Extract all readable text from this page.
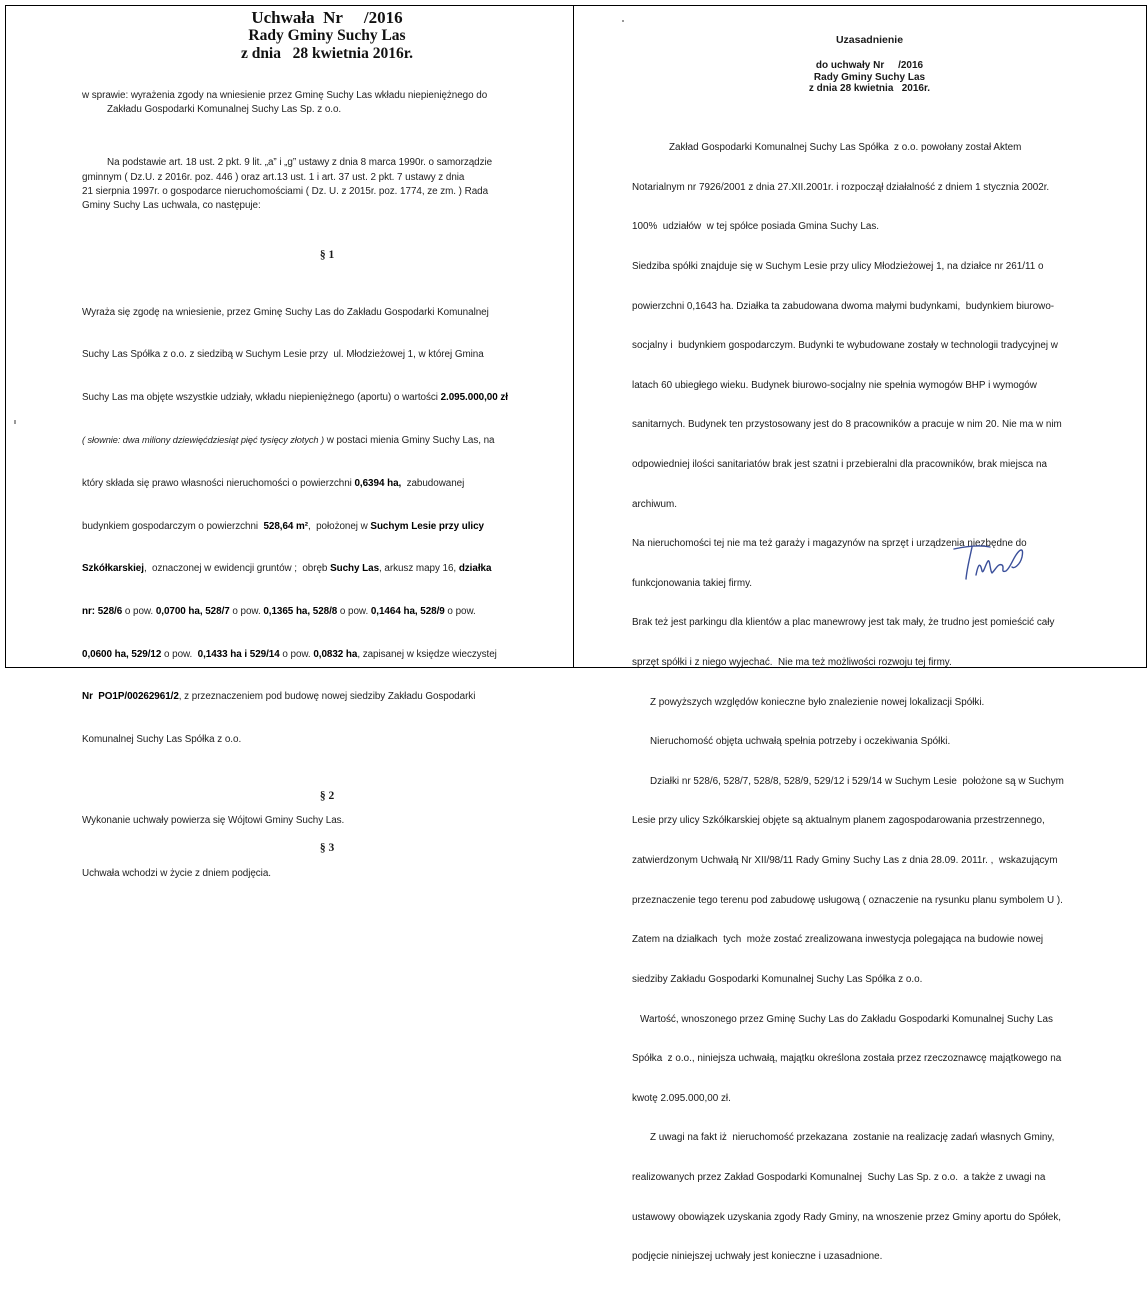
Uchwała  Nr     /2016
Rady Gminy Suchy Las
z dnia   28 kwietnia 2016r.
w sprawie: wyrażenia zgody na wniesienie przez Gminę Suchy Las wkładu niepieniężnego do
Zakładu Gospodarki Komunalnej Suchy Las Sp. z o.o.
Na podstawie art. 18 ust. 2 pkt. 9 lit. „a” i „g” ustawy z dnia 8 marca 1990r. o samorządzie
gminnym ( Dz.U. z 2016r. poz. 446 ) oraz art.13 ust. 1 i art. 37 ust. 2 pkt. 7 ustawy z dnia
21 sierpnia 1997r. o gospodarce nieruchomościami ( Dz. U. z 2015r. poz. 1774, ze zm. ) Rada
Gminy Suchy Las uchwala, co następuje:
§ 1

Wyraża się zgodę na wniesienie, przez Gminę Suchy Las do Zakładu Gospodarki Komunalnej

Suchy Las Spółka z o.o. z siedzibą w Suchym Lesie przy  ul. Młodzieżowej 1, w której Gmina

Suchy Las ma objęte wszystkie udziały, wkładu niepieniężnego (aportu) o wartości 2.095.000,00 zł

( słownie: dwa miliony dziewięćdziesiąt pięć tysięcy złotych ) w postaci mienia Gminy Suchy Las, na

który składa się prawo własności nieruchomości o powierzchni 0,6394 ha,  zabudowanej

budynkiem gospodarczym o powierzchni  528,64 m²,  położonej w Suchym Lesie przy ulicy

Szkółkarskiej,  oznaczonej w ewidencji gruntów ;  obręb Suchy Las, arkusz mapy 16, działka

nr: 528/6 o pow. 0,0700 ha, 528/7 o pow. 0,1365 ha, 528/8 o pow. 0,1464 ha, 528/9 o pow.

0,0600 ha, 529/12 o pow.  0,1433 ha i 529/14 o pow. 0,0832 ha, zapisanej w księdze wieczystej

Nr  PO1P/00262961/2, z przeznaczeniem pod budowę nowej siedziby Zakładu Gospodarki

Komunalnej Suchy Las Spółka z o.o.

§ 2
Wykonanie uchwały powierza się Wójtowi Gminy Suchy Las.
§ 3
Uchwała wchodzi w życie z dniem podjęcia.
Uzasadnienie
do uchwały Nr     /2016
Rady Gminy Suchy Las
z dnia 28 kwietnia   2016r.

Zakład Gospodarki Komunalnej Suchy Las Spółka  z o.o. powołany został Aktem

Notarialnym nr 7926/2001 z dnia 27.XII.2001r. i rozpoczął działalność z dniem 1 stycznia 2002r.

100%  udziałów  w tej spółce posiada Gmina Suchy Las.

Siedziba spółki znajduje się w Suchym Lesie przy ulicy Młodzieżowej 1, na działce nr 261/11 o

powierzchni 0,1643 ha. Działka ta zabudowana dwoma małymi budynkami,  budynkiem biurowo-

socjalny i  budynkiem gospodarczym. Budynki te wybudowane zostały w technologii tradycyjnej w

latach 60 ubiegłego wieku. Budynek biurowo-socjalny nie spełnia wymogów BHP i wymogów

sanitarnych. Budynek ten przystosowany jest do 8 pracowników a pracuje w nim 20. Nie ma w nim

odpowiedniej ilości sanitariatów brak jest szatni i przebieralni dla pracowników, brak miejsca na

archiwum.

Na nieruchomości tej nie ma też garaży i magazynów na sprzęt i urządzenia niezbędne do

funkcjonowania takiej firmy.

Brak też jest parkingu dla klientów a plac manewrowy jest tak mały, że trudno jest pomieścić cały

sprzęt spółki i z niego wyjechać.  Nie ma też możliwości rozwoju tej firmy.

Z powyższych względów konieczne było znalezienie nowej lokalizacji Spółki.

Nieruchomość objęta uchwałą spełnia potrzeby i oczekiwania Spółki.

Działki nr 528/6, 528/7, 528/8, 528/9, 529/12 i 529/14 w Suchym Lesie  położone są w Suchym

Lesie przy ulicy Szkółkarskiej objęte są aktualnym planem zagospodarowania przestrzennego,

zatwierdzonym Uchwałą Nr XII/98/11 Rady Gminy Suchy Las z dnia 28.09. 2011r. ,  wskazującym

przeznaczenie tego terenu pod zabudowę usługową ( oznaczenie na rysunku planu symbolem U ).

Zatem na działkach  tych  może zostać zrealizowana inwestycja polegająca na budowie nowej

siedziby Zakładu Gospodarki Komunalnej Suchy Las Spółka z o.o.

Wartość, wnoszonego przez Gminę Suchy Las do Zakładu Gospodarki Komunalnej Suchy Las

Spółka  z o.o., niniejsza uchwałą, majątku określona została przez rzeczoznawcę majątkowego na

kwotę 2.095.000,00 zł.

Z uwagi na fakt iż  nieruchomość przekazana  zostanie na realizację zadań własnych Gminy,

realizowanych przez Zakład Gospodarki Komunalnej  Suchy Las Sp. z o.o.  a także z uwagi na

ustawowy obowiązek uzyskania zgody Rady Gminy, na wnoszenie przez Gminy aportu do Spółek,

podjęcie niniejszej uchwały jest konieczne i uzasadnione.
